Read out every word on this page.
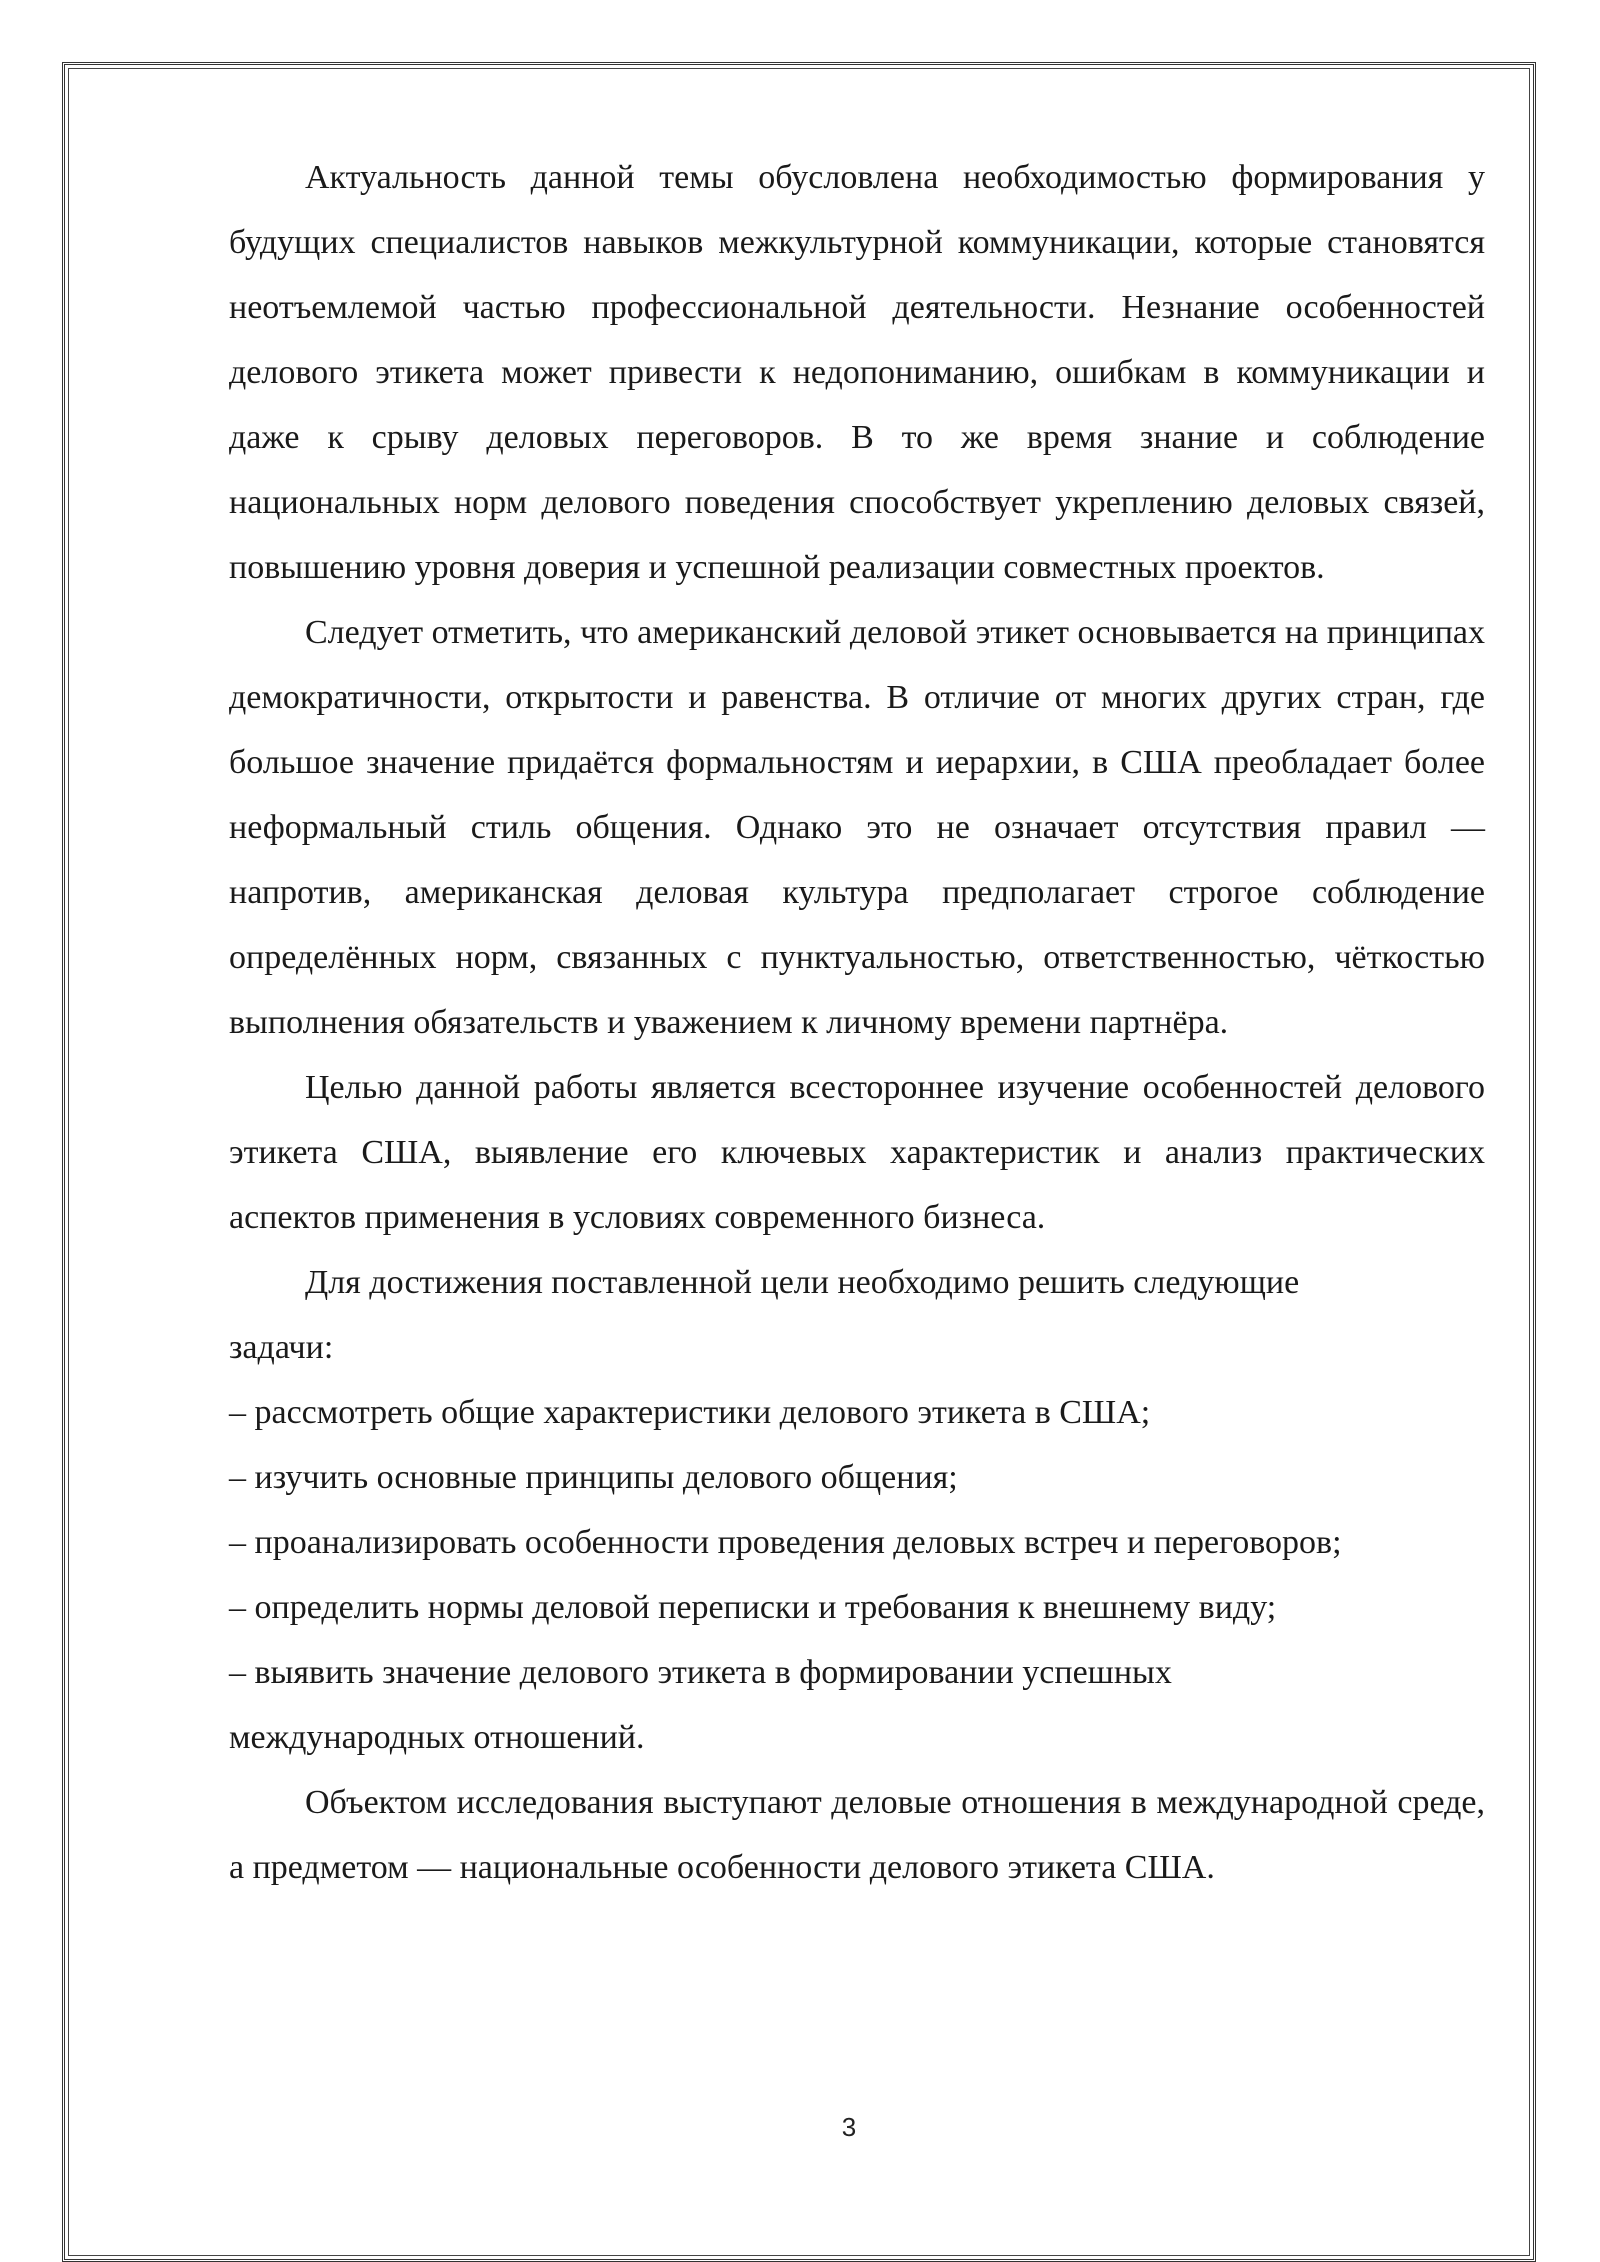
Актуальность данной темы обусловлена необходимостью формирования у будущих специалистов навыков межкультурной коммуникации, которые становятся неотъемлемой частью профессиональной деятельности. Незнание особенностей делового этикета может привести к недопониманию, ошибкам в коммуникации и даже к срыву деловых переговоров. В то же время знание и соблюдение национальных норм делового поведения способствует укреплению деловых связей, повышению уровня доверия и успешной реализации совместных проектов.

Следует отметить, что американский деловой этикет основывается на принципах демократичности, открытости и равенства. В отличие от многих других стран, где большое значение придаётся формальностям и иерархии, в США преобладает более неформальный стиль общения. Однако это не означает отсутствия правил — напротив, американская деловая культура предполагает строгое соблюдение определённых норм, связанных с пунктуальностью, ответственностью, чёткостью выполнения обязательств и уважением к личному времени партнёра.

Целью данной работы является всестороннее изучение особенностей делового этикета США, выявление его ключевых характеристик и анализ практических аспектов применения в условиях современного бизнеса.

Для достижения поставленной цели необходимо решить следующие задачи:

– рассмотреть общие характеристики делового этикета в США;

– изучить основные принципы делового общения;

– проанализировать особенности проведения деловых встреч и переговоров;

– определить нормы деловой переписки и требования к внешнему виду;

– выявить значение делового этикета в формировании успешных международных отношений.

Объектом исследования выступают деловые отношения в международной среде, а предметом — национальные особенности делового этикета США.

3
